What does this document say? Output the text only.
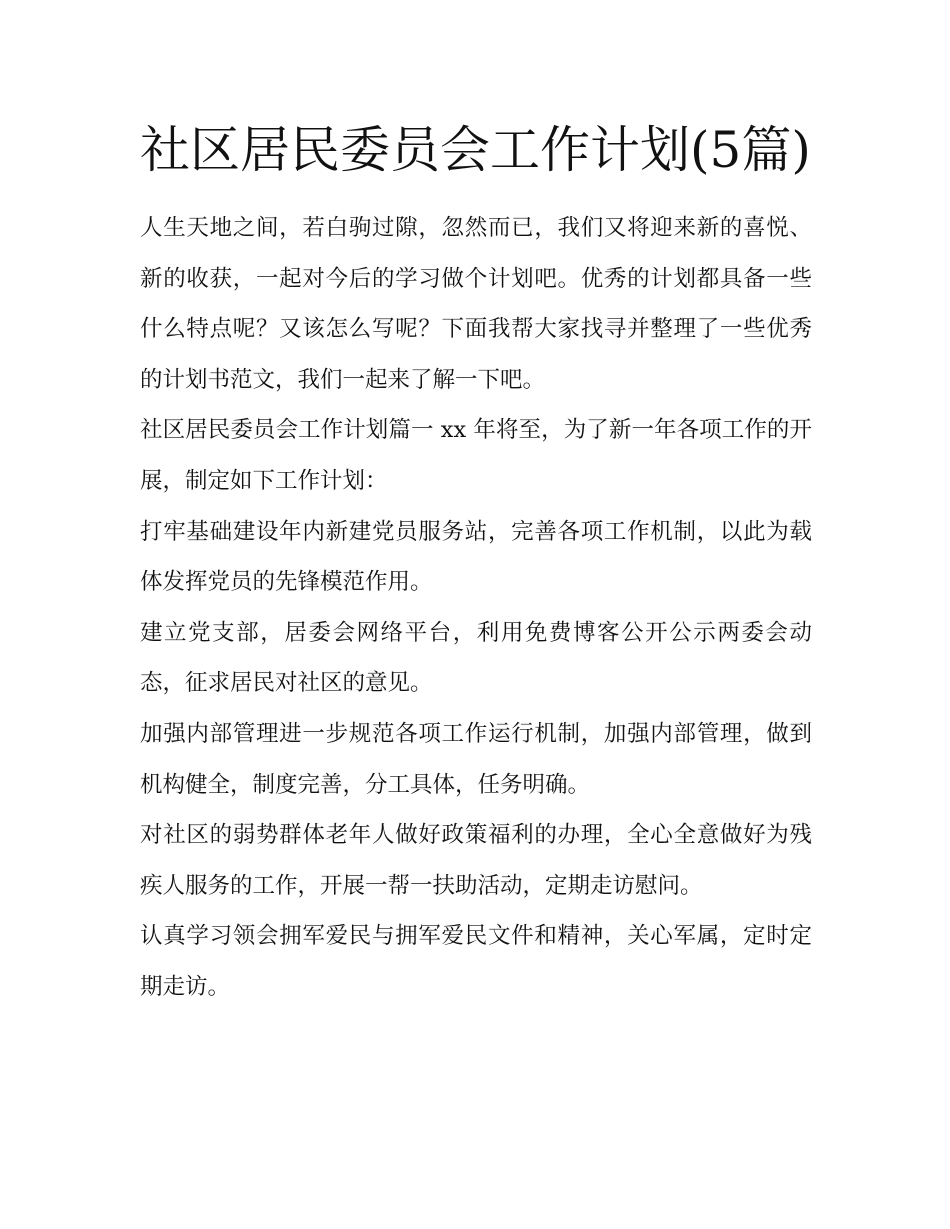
社区居民委员会工作计划(5篇)

人生天地之间，若白驹过隙，忽然而已，我们又将迎来新的喜悦、新的收获，一起对今后的学习做个计划吧。优秀的计划都具备一些什么特点呢？又该怎么写呢？下面我帮大家找寻并整理了一些优秀的计划书范文，我们一起来了解一下吧。

社区居民委员会工作计划篇一 xx 年将至，为了新一年各项工作的开展，制定如下工作计划：

打牢基础建设年内新建党员服务站，完善各项工作机制，以此为载体发挥党员的先锋模范作用。

建立党支部，居委会网络平台，利用免费博客公开公示两委会动态，征求居民对社区的意见。

加强内部管理进一步规范各项工作运行机制，加强内部管理，做到机构健全，制度完善，分工具体，任务明确。

对社区的弱势群体老年人做好政策福利的办理，全心全意做好为残疾人服务的工作，开展一帮一扶助活动，定期走访慰问。

认真学习领会拥军爱民与拥军爱民文件和精神，关心军属，定时定期走访。
